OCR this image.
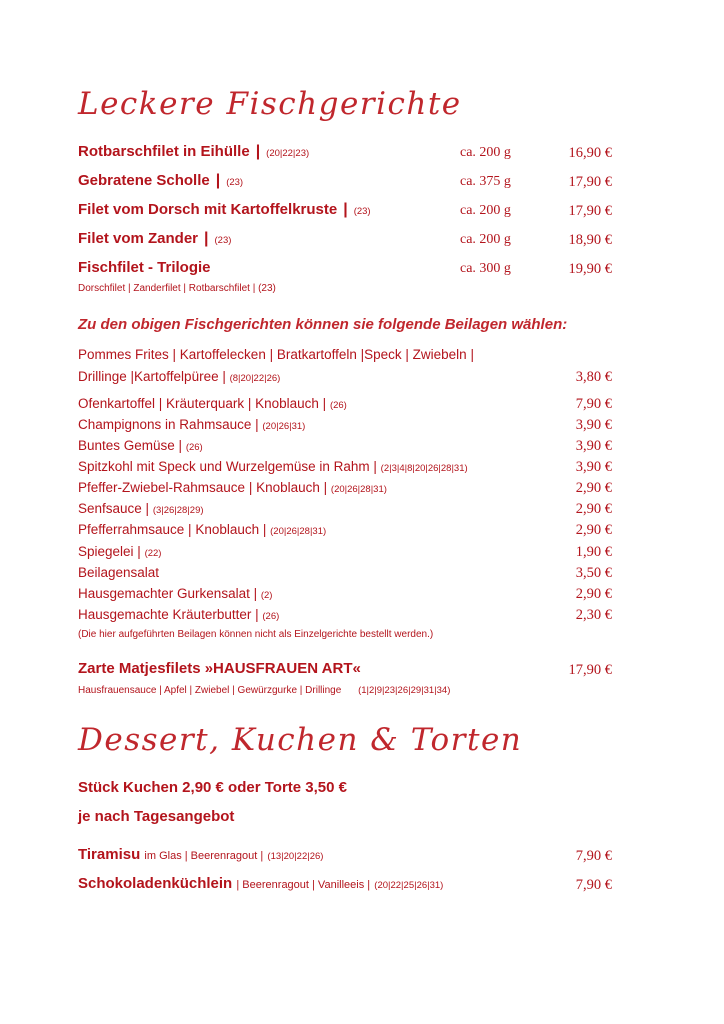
Leckere Fischgerichte
Rotbarschfilet in Eihülle | (20|22|23)	ca. 200 g	16,90 €
Gebratene Scholle | (23)	ca. 375 g	17,90 €
Filet vom Dorsch mit Kartoffelkruste | (23)	ca. 200 g	17,90 €
Filet vom Zander | (23)	ca. 200 g	18,90 €
Fischfilet - Trilogie	ca. 300 g	19,90 €
Dorschfilet | Zanderfilet | Rotbarschfilet | (23)
Zu den obigen Fischgerichten können sie folgende Beilagen wählen:
Pommes Frites | Kartoffelecken | Bratkartoffeln |Speck | Zwiebeln |
Drillinge |Kartoffelpüree | (8|20|22|26)	3,80 €
Ofenkartoffel | Kräuterquark | Knoblauch | (26)	7,90 €
Champignons in Rahmsauce | (20|26|31)	3,90 €
Buntes Gemüse | (26)	3,90 €
Spitzkohl mit Speck und Wurzelgemüse in Rahm | (2|3|4|8|20|26|28|31)	3,90 €
Pfeffer-Zwiebel-Rahmsauce | Knoblauch | (20|26|28|31)	2,90 €
Senfsauce | (3|26|28|29)	2,90 €
Pfefferrahmsauce | Knoblauch | (20|26|28|31)	2,90 €
Spiegelei | (22)	1,90 €
Beilagensalat	3,50 €
Hausgemachter Gurkensalat | (2)	2,90 €
Hausgemachte Kräuterbutter | (26)	2,30 €
(Die hier aufgeführten Beilagen können nicht als Einzelgerichte bestellt werden.)
Zarte Matjesfilets »HAUSFRAUEN ART«	17,90 €
Hausfrauensauce | Apfel | Zwiebel | Gewürzgurke | Drillinge (1|2|9|23|26|29|31|34)
Dessert, Kuchen & Torten
Stück Kuchen 2,90 € oder Torte 3,50 €
je nach Tagesangebot
Tiramisu im Glas | Beerenragout | (13|20|22|26)	7,90 €
Schokoladenküchlein | Beerenragout | Vanilleeis | (20|22|25|26|31)	7,90 €
